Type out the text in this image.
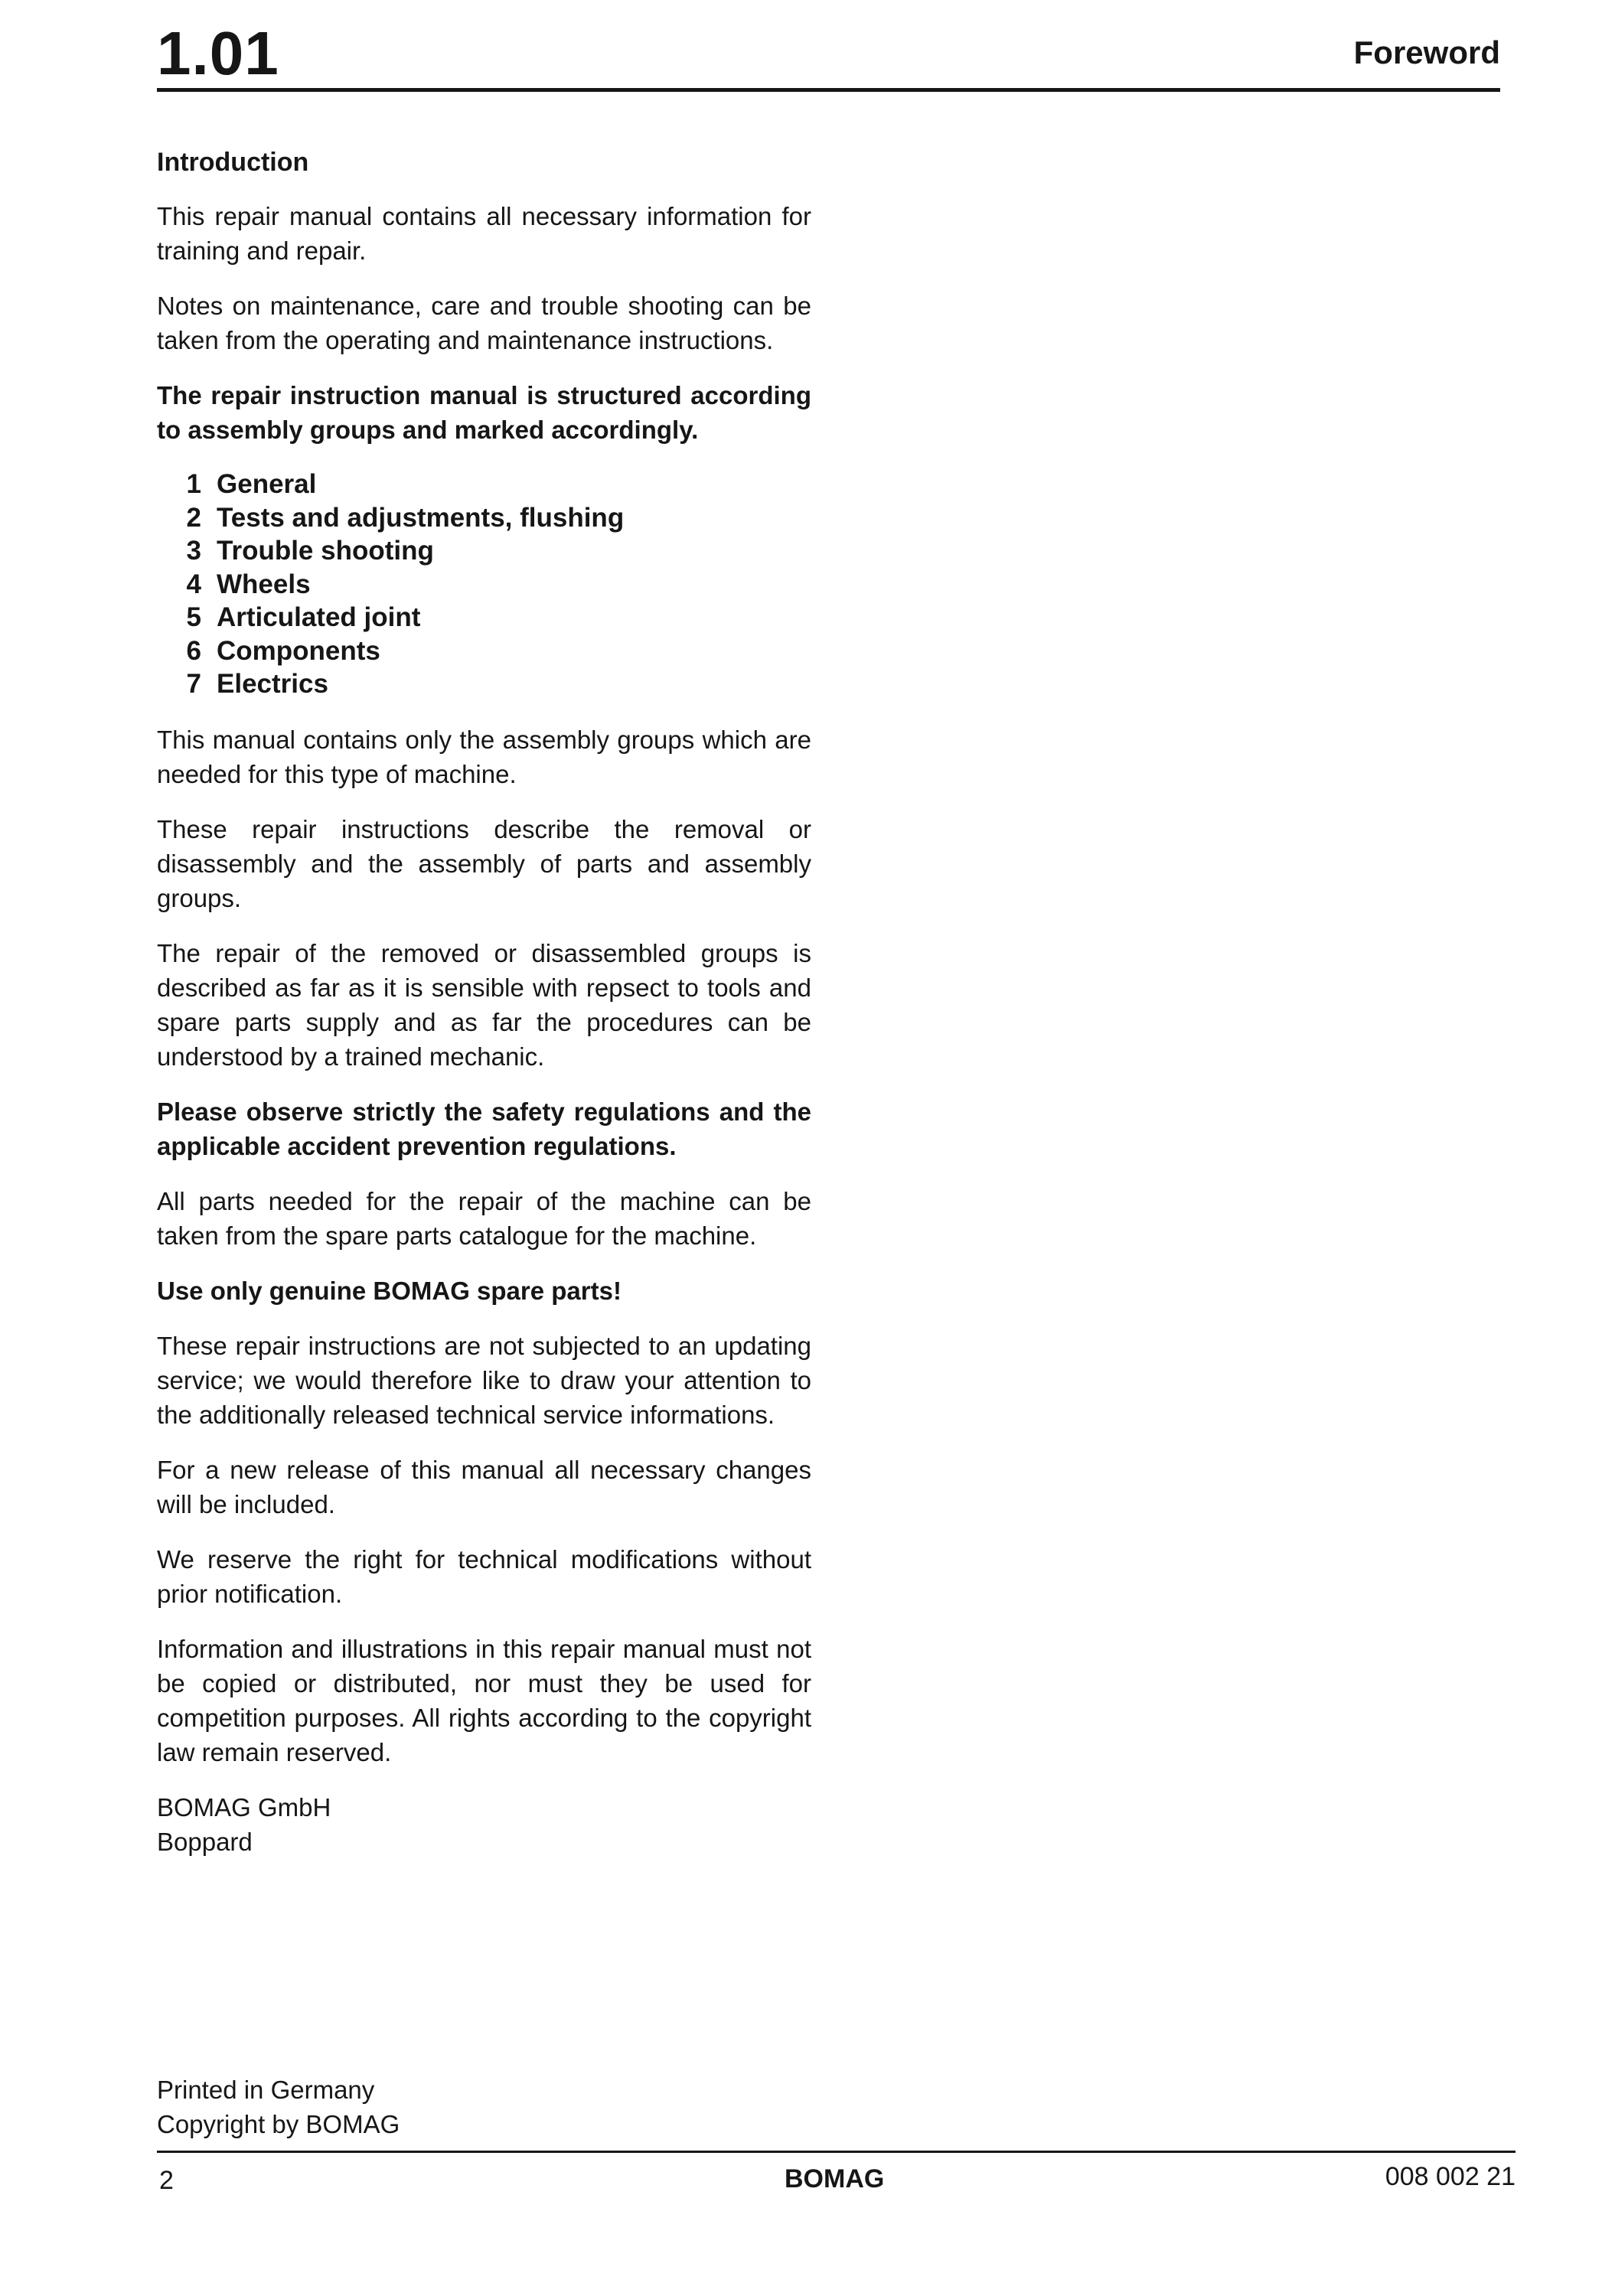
1.01	Foreword
Introduction

This repair manual contains all necessary information for training and repair.

Notes on maintenance, care and trouble shooting can be taken from the operating and maintenance instructions.

The repair instruction manual is structured according to assembly groups and marked accordingly.

1 General
2 Tests and adjustments, flushing
3 Trouble shooting
4 Wheels
5 Articulated joint
6 Components
7 Electrics

This manual contains only the assembly groups which are needed for this type of machine.

These repair instructions describe the removal or disassembly and the assembly of parts and assembly groups.

The repair of the removed or disassembled groups is described as far as it is sensible with repsect to tools and spare parts supply and as far the procedures can be understood by a trained mechanic.

Please observe strictly the safety regulations and the applicable accident prevention regulations.

All parts needed for the repair of the machine can be taken from the spare parts catalogue for the machine.

Use only genuine BOMAG spare parts!

These repair instructions are not subjected to an updating service; we would therefore like to draw your attention to the additionally released technical service informations.

For a new release of this manual all necessary changes will be included.

We reserve the right for technical modifications without prior notification.

Information and illustrations in this repair manual must not be copied or distributed, nor must they be used for competition purposes. All rights according to the copyright law remain reserved.

BOMAG GmbH
Boppard
Printed in Germany
Copyright by BOMAG
2	BOMAG	008 002 21
